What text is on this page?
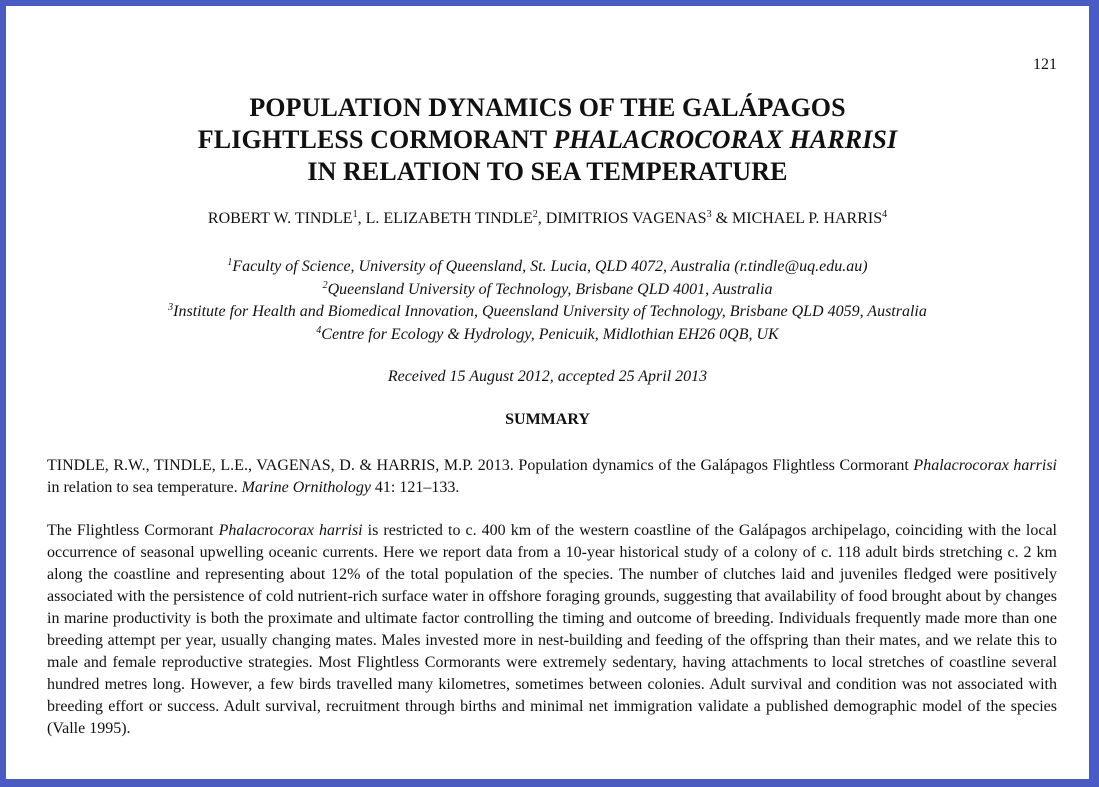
121
POPULATION DYNAMICS OF THE GALÁPAGOS
FLIGHTLESS CORMORANT PHALACROCORAX HARRISI
IN RELATION TO SEA TEMPERATURE
ROBERT W. TINDLE$^1$, L. ELIZABETH TINDLE$^2$, DIMITRIOS VAGENAS$^3$ & MICHAEL P. HARRIS$^4$
$^1$Faculty of Science, University of Queensland, St. Lucia, QLD 4072, Australia (r.tindle@uq.edu.au)
$^2$Queensland University of Technology, Brisbane QLD 4001, Australia
$^3$Institute for Health and Biomedical Innovation, Queensland University of Technology, Brisbane QLD 4059, Australia
$^4$Centre for Ecology & Hydrology, Penicuik, Midlothian EH26 0QB, UK
Received 15 August 2012, accepted 25 April 2013
SUMMARY
TINDLE, R.W., TINDLE, L.E., VAGENAS, D. & HARRIS, M.P. 2013. Population dynamics of the Galápagos Flightless Cormorant Phalacrocorax harrisi in relation to sea temperature. Marine Ornithology 41: 121–133.
The Flightless Cormorant Phalacrocorax harrisi is restricted to c. 400 km of the western coastline of the Galápagos archipelago, coinciding with the local occurrence of seasonal upwelling oceanic currents. Here we report data from a 10-year historical study of a colony of c. 118 adult birds stretching c. 2 km along the coastline and representing about 12% of the total population of the species. The number of clutches laid and juveniles fledged were positively associated with the persistence of cold nutrient-rich surface water in offshore foraging grounds, suggesting that availability of food brought about by changes in marine productivity is both the proximate and ultimate factor controlling the timing and outcome of breeding. Individuals frequently made more than one breeding attempt per year, usually changing mates. Males invested more in nest-building and feeding of the offspring than their mates, and we relate this to male and female reproductive strategies. Most Flightless Cormorants were extremely sedentary, having attachments to local stretches of coastline several hundred metres long. However, a few birds travelled many kilometres, sometimes between colonies. Adult survival and condition was not associated with breeding effort or success. Adult survival, recruitment through births and minimal net immigration validate a published demographic model of the species (Valle 1995).
